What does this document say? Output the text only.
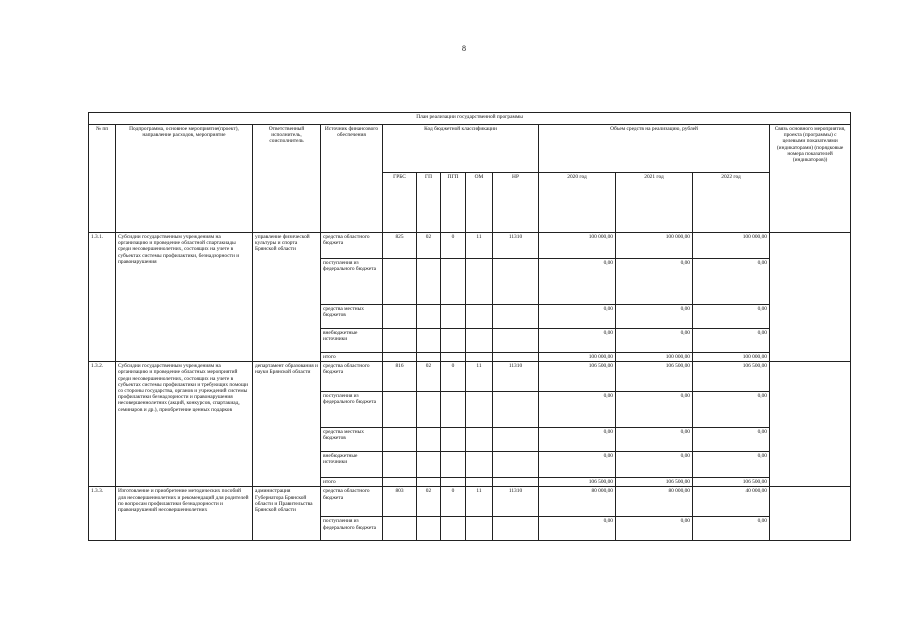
8
План реализации государственной программы												
№ пп	Подпрограмма, основное мероприятие(проект), направление расходов, мероприятие	Ответственный исполнитель, соисполнитель	Источник финансового обеспечения	Код бюджетной классификации					Объем средств на реализацию, рублей			Связь основного мероприятия, проекта (программы) с целевыми показателями (индикаторами) (порядковые номера показателей (индикаторов))
				ГРБС	ГП	ПГП	ОМ	НР	2020 год	2021 год	2022 год	
1.3.1.	Субсидии государственным учреждениям на организацию и проведение областной спартакиады среди несовершеннолетних, состоящих на учете в субъектах системы профилактики, безнадзорности и правонарушения	управление физической культуры и спорта Брянской области	средства областного бюджета	825	02	0	11	11310	100 000,00	100 000,00	100 000,00	
			поступления из федерального бюджета						0,00	0,00	0,00	
			средства местных бюджетов						0,00	0,00	0,00	
			внебюджетные источники						0,00	0,00	0,00	
			итого						100 000,00	100 000,00	100 000,00	
1.3.2.	Субсидии государственным учреждениям на организацию и проведение областных мероприятий среди несовершеннолетних, состоящих на учете в субъектах системы профилактики и требующих помощи со стороны государства, органов и учреждений системы профилактики безнадзорности и правонарушения несовершеннолетних (акций, конкурсов, спартакиад, семинаров и др.), приобретение ценных подарков	департамент образования и науки Брянской области	средства областного бюджета	816	02	0	11	11310	106 500,00	106 500,00	106 500,00	
			поступления из федерального бюджета						0,00	0,00	0,00	
			средства местных бюджетов						0,00	0,00	0,00	
			внебюджетные источники						0,00	0,00	0,00	
			итого						106 500,00	106 500,00	106 500,00	
1.3.3.	Изготовление и приобретение методических пособий для несовершеннолетних и рекомендаций для родителей по вопросам профилактики безнадзорности и правонарушений несовершеннолетних	администрация Губернатора Брянской области и Правительства Брянской области	средства областного бюджета	803	02	0	11	11310	80 000,00	80 000,00	40 000,00	
			поступления из федерального бюджета						0,00	0,00	0,00	
